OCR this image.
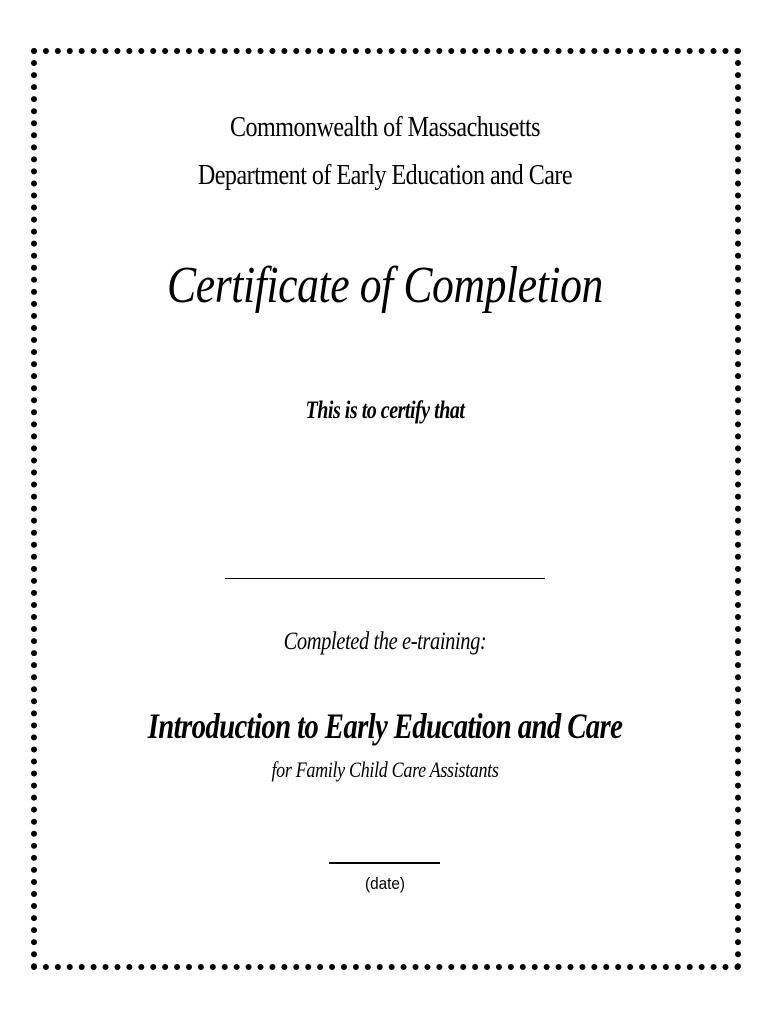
Commonwealth of Massachusetts
Department of Early Education and Care
Certificate of Completion
This is to certify that
Completed the e-training:
Introduction to Early Education and Care
for Family Child Care Assistants
(date)
